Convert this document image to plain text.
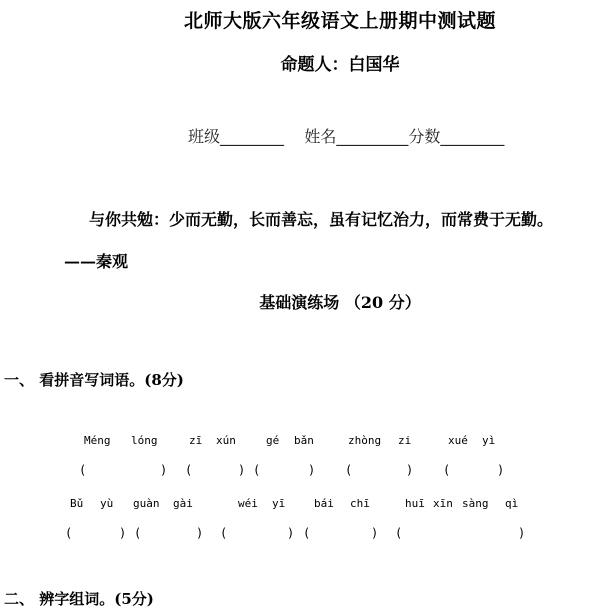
北师大版六年级语文上册期中测试题
命题人：白国华
班级________ 姓名_________分数________
与你共勉：少而无勤，长而善忘，虽有记忆治力，而常费于无勤。
——秦观
基础演练场 （20 分）
一、 看拼音写词语。(8分)
Méng lóng	zī xún	gé bǎn	zhòng zi	xué yì
(	) (	) (	) (	) (	)
Bǔ yù guàn gài	wéi yī	bái chī	huī xīn sàng qì
(	) (	) (	) (	) (	)
二、 辨字组词。(5分)
